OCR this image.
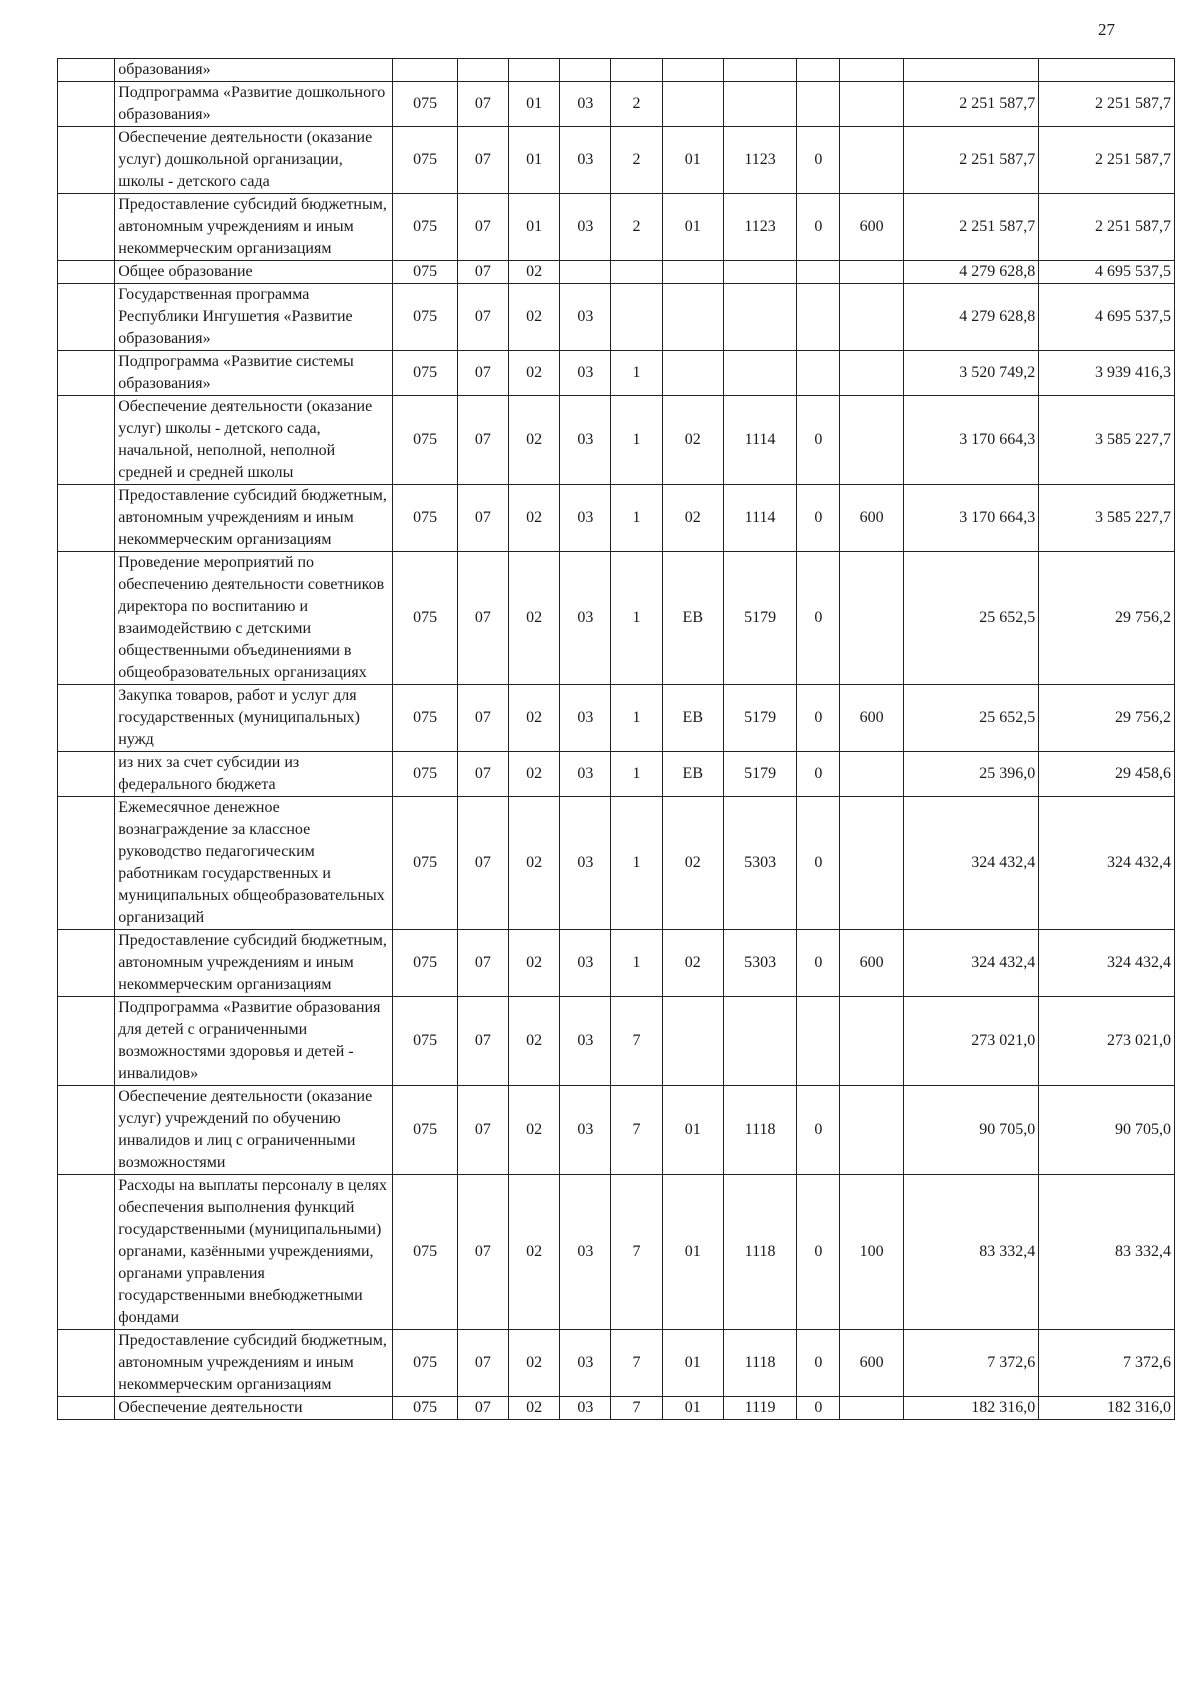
27
	образования»											
	Подпрограмма «Развитие дошкольного образования»	075	07	01	03	2					2 251 587,7	2 251 587,7
	Обеспечение деятельности (оказание услуг) дошкольной организации, школы - детского сада	075	07	01	03	2	01	1123	0		2 251 587,7	2 251 587,7
	Предоставление субсидий бюджетным, автономным учреждениям и иным некоммерческим организациям	075	07	01	03	2	01	1123	0	600	2 251 587,7	2 251 587,7
	Общее образование	075	07	02							4 279 628,8	4 695 537,5
	Государственная программа Республики Ингушетия «Развитие образования»	075	07	02	03						4 279 628,8	4 695 537,5
	Подпрограмма «Развитие системы образования»	075	07	02	03	1					3 520 749,2	3 939 416,3
	Обеспечение деятельности (оказание услуг) школы - детского сада, начальной, неполной, неполной средней и средней школы	075	07	02	03	1	02	1114	0		3 170 664,3	3 585 227,7
	Предоставление субсидий бюджетным, автономным учреждениям и иным некоммерческим организациям	075	07	02	03	1	02	1114	0	600	3 170 664,3	3 585 227,7
	Проведение мероприятий по обеспечению деятельности советников директора по воспитанию и взаимодействию с детскими общественными объединениями в общеобразовательных организациях	075	07	02	03	1	ЕВ	5179	0		25 652,5	29 756,2
	Закупка товаров, работ и услуг для государственных (муниципальных) нужд	075	07	02	03	1	ЕВ	5179	0	600	25 652,5	29 756,2
	из них за счет субсидии из федерального бюджета	075	07	02	03	1	ЕВ	5179	0		25 396,0	29 458,6
	Ежемесячное денежное вознаграждение за классное руководство педагогическим работникам государственных и муниципальных общеобразовательных организаций	075	07	02	03	1	02	5303	0		324 432,4	324 432,4
	Предоставление субсидий бюджетным, автономным учреждениям и иным некоммерческим организациям	075	07	02	03	1	02	5303	0	600	324 432,4	324 432,4
	Подпрограмма «Развитие образования для детей с ограниченными возможностями здоровья и детей - инвалидов»	075	07	02	03	7					273 021,0	273 021,0
	Обеспечение деятельности (оказание услуг) учреждений по обучению инвалидов и лиц с ограниченными возможностями	075	07	02	03	7	01	1118	0		90 705,0	90 705,0
	Расходы на выплаты персоналу в целях обеспечения выполнения функций государственными (муниципальными) органами, казёнными учреждениями, органами управления государственными внебюджетными фондами	075	07	02	03	7	01	1118	0	100	83 332,4	83 332,4
	Предоставление субсидий бюджетным, автономным учреждениям и иным некоммерческим организациям	075	07	02	03	7	01	1118	0	600	7 372,6	7 372,6
	Обеспечение деятельности	075	07	02	03	7	01	1119	0		182 316,0	182 316,0
